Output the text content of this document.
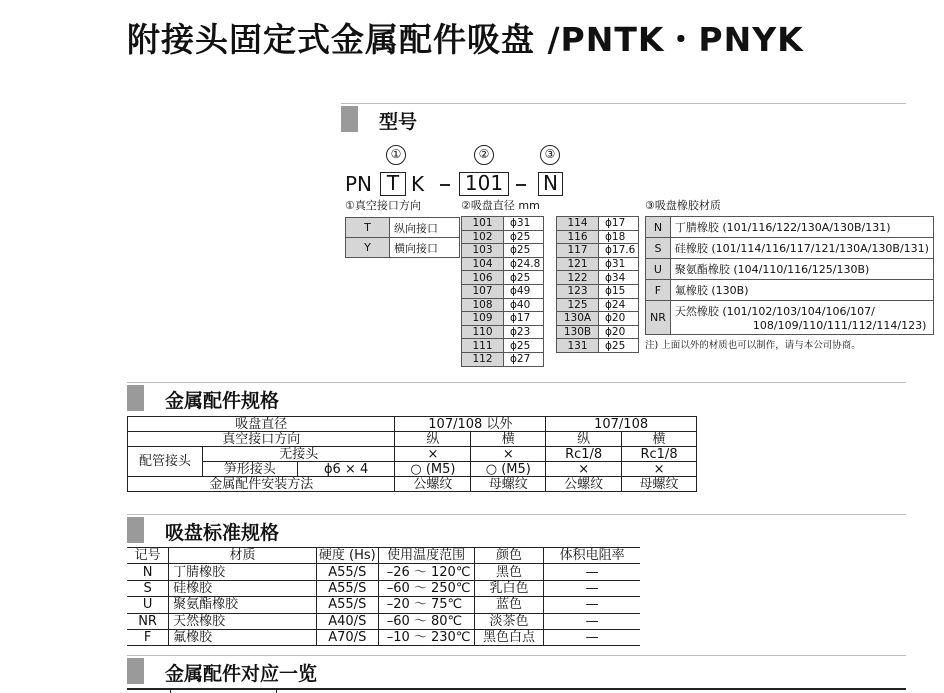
附接头固定式金属配件吸盘 /PNTK・PNYK
型号
①	②	③
PN T K 101 N
①真空接口方向
T	纵向接口
Y	横向接口
②吸盘直径 mm
101	ϕ31
102	ϕ25
103	ϕ25
104	ϕ24.8
106	ϕ25
107	ϕ49
108	ϕ40
109	ϕ17
110	ϕ23
111	ϕ25
112	ϕ27
114	ϕ17
116	ϕ18
117	ϕ17.6
121	ϕ31
122	ϕ34
123	ϕ15
125	ϕ24
130A	ϕ20
130B	ϕ20
131	ϕ25
③吸盘橡胶材质
N	丁腈橡胶 (101/116/122/130A/130B/131)
S	硅橡胶 (101/114/116/117/121/130A/130B/131)
U	聚氨酯橡胶 (104/110/116/125/130B)
F	氟橡胶 (130B)
NR	天然橡胶 (101/102/103/104/106/107/
108/109/110/111/112/114/123)
注) 上面以外的材质也可以制作，请与本公司协商。
金属配件规格
吸盘直径			107/108 以外		107/108	
真空接口方向			纵	横	纵	横
配管接头	无接头		×	×	Rc1/8	Rc1/8
	笋形接头	ϕ6 × 4	○ (M5)	○ (M5)	×	×
金属配件安装方法			公螺纹	母螺纹	公螺纹	母螺纹
吸盘标准规格
记号	材质	硬度 (Hs)	使用温度范围	颜色	体积电阻率
N	丁腈橡胶	A55/S	–26 ～ 120℃	黑色	—
S	硅橡胶	A55/S	–60 ～ 250℃	乳白色	—
U	聚氨酯橡胶	A55/S	–20 ～ 75℃	蓝色	—
NR	天然橡胶	A40/S	–60 ～ 80℃	淡茶色	—
F	氟橡胶	A70/S	–10 ～ 230℃	黑色白点	—
金属配件对应一览
